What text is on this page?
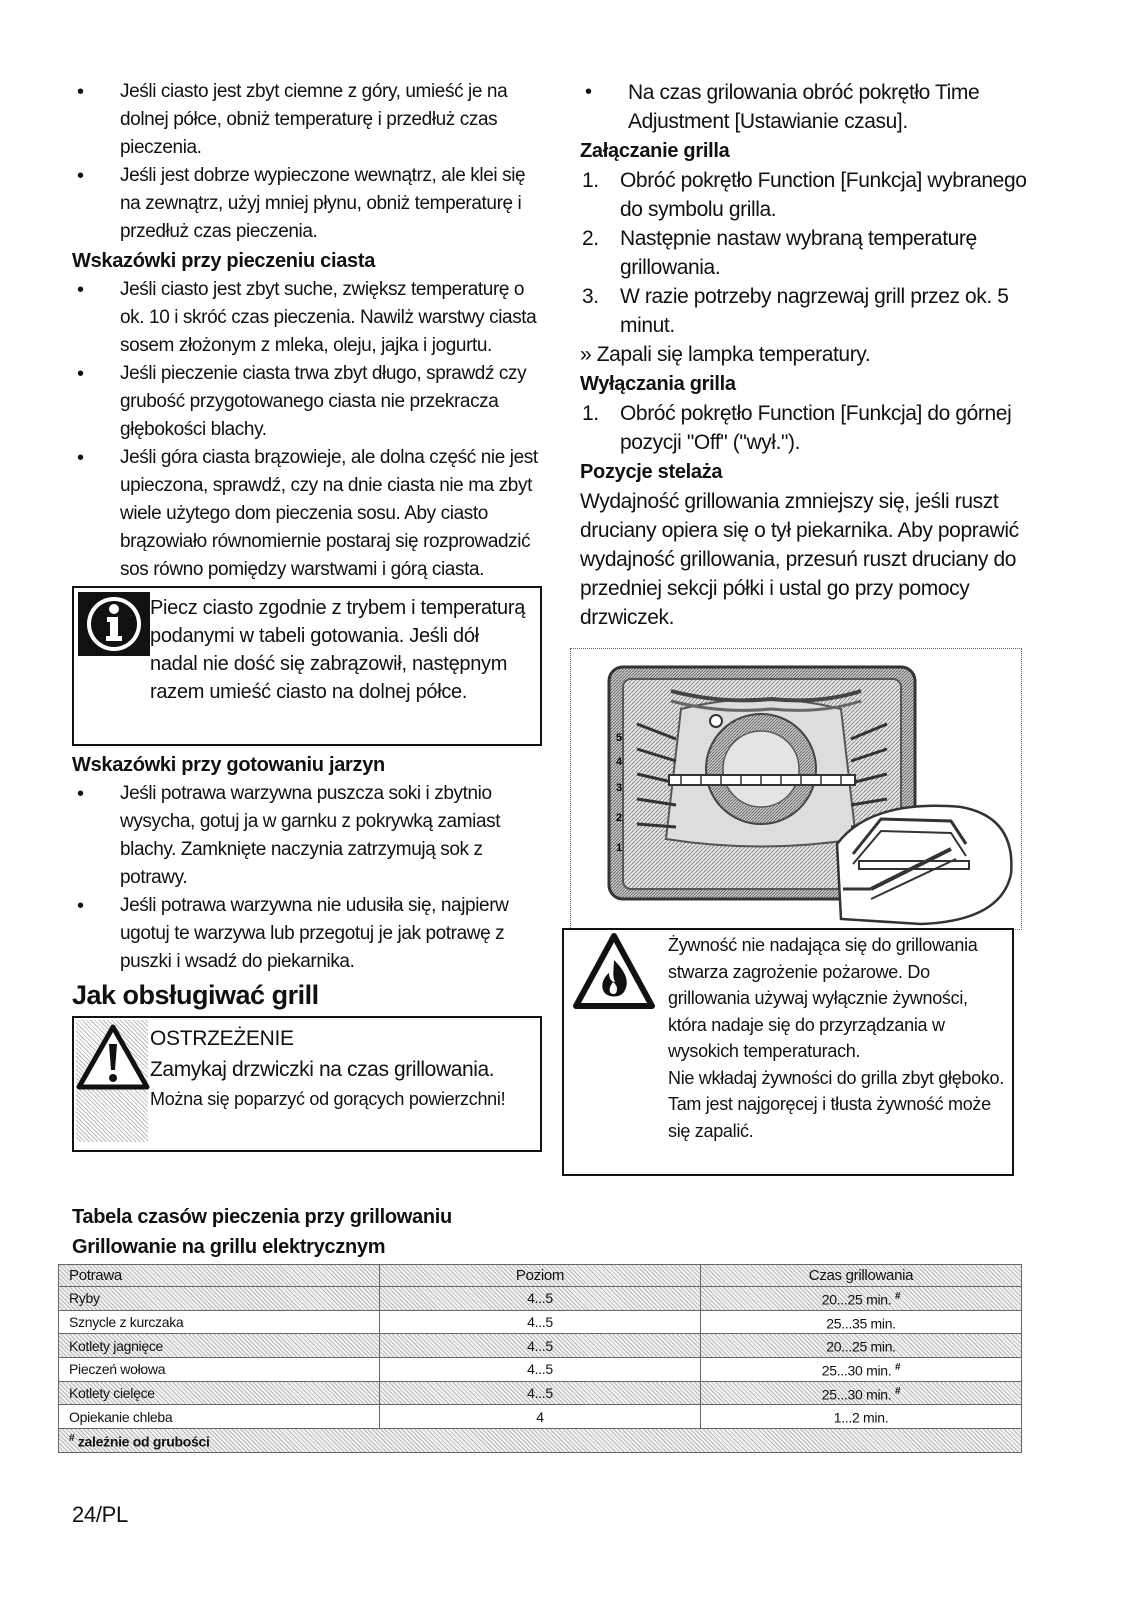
• Jeśli ciasto jest zbyt ciemne z góry, umieść je na dolnej półce, obniż temperaturę i przedłuż czas pieczenia.
• Jeśli jest dobrze wypieczone wewnątrz, ale klei się na zewnątrz, użyj mniej płynu, obniż temperaturę i przedłuż czas pieczenia.
Wskazówki przy pieczeniu ciasta
• Jeśli ciasto jest zbyt suche, zwiększ temperaturę o ok. 10 i skróć czas pieczenia. Nawilż warstwy ciasta sosem złożonym z mleka, oleju, jajka i jogurtu.
• Jeśli pieczenie ciasta trwa zbyt długo, sprawdź czy grubość przygotowanego ciasta nie przekracza głębokości blachy.
• Jeśli góra ciasta brązowieje, ale dolna część nie jest upieczona, sprawdź, czy na dnie ciasta nie ma zbyt wiele użytego dom pieczenia sosu. Aby ciasto brązowiało równomiernie postaraj się rozprowadzić sos równo pomiędzy warstwami i górą ciasta.
Piecz ciasto zgodnie z trybem i temperaturą podanymi w tabeli gotowania. Jeśli dół nadal nie dość się zabrązowił, następnym razem umieść ciasto na dolnej półce.
Wskazówki przy gotowaniu jarzyn
• Jeśli potrawa warzywna puszcza soki i zbytnio wysycha, gotuj ja w garnku z pokrywką zamiast blachy. Zamknięte naczynia zatrzymują sok z potrawy.
• Jeśli potrawa warzywna nie udusiła się, najpierw ugotuj te warzywa lub przegotuj je jak potrawę z puszki i wsadź do piekarnika.
Jak obsługiwać grill
OSTRZEŻENIE
Zamykaj drzwiczki na czas grillowania.
Można się poparzyć od gorących powierzchni!
• Na czas grilowania obróć pokrętło Time Adjustment [Ustawianie czasu].
Załączanie grilla
1. Obróć pokrętło Function [Funkcja] wybranego do symbolu grilla.
2. Następnie nastaw wybraną temperaturę grillowania.
3. W razie potrzeby nagrzewaj grill przez ok. 5 minut.
» Zapali się lampka temperatury.
Wyłączania grilla
1. Obróć pokrętło Function [Funkcja] do górnej pozycji "Off" ("wył.").
Pozycje stelaża
Wydajność grillowania zmniejszy się, jeśli ruszt druciany opiera się o tył piekarnika. Aby poprawić wydajność grillowania, przesuń ruszt druciany do przedniej sekcji półki i ustal go przy pomocy drzwiczek.
5
4
3
2
1
Żywność nie nadająca się do grillowania stwarza zagrożenie pożarowe. Do grillowania używaj wyłącznie żywności, która nadaje się do przyrządzania w wysokich temperaturach.
Nie wkładaj żywności do grilla zbyt głęboko. Tam jest najgoręcej i tłusta żywność może się zapalić.
Tabela czasów pieczenia przy grillowaniu
Grillowanie na grillu elektrycznym
Potrawa	Poziom	Czas grillowania
Ryby	4...5	20...25 min. #
Sznycle z kurczaka	4...5	25...35 min.
Kotlety jagnięce	4...5	20...25 min.
Pieczeń wołowa	4...5	25...30 min. #
Kotlety cielęce	4...5	25...30 min. #
Opiekanie chleba	4	1...2 min.
# zależnie od grubości		
24/PL
